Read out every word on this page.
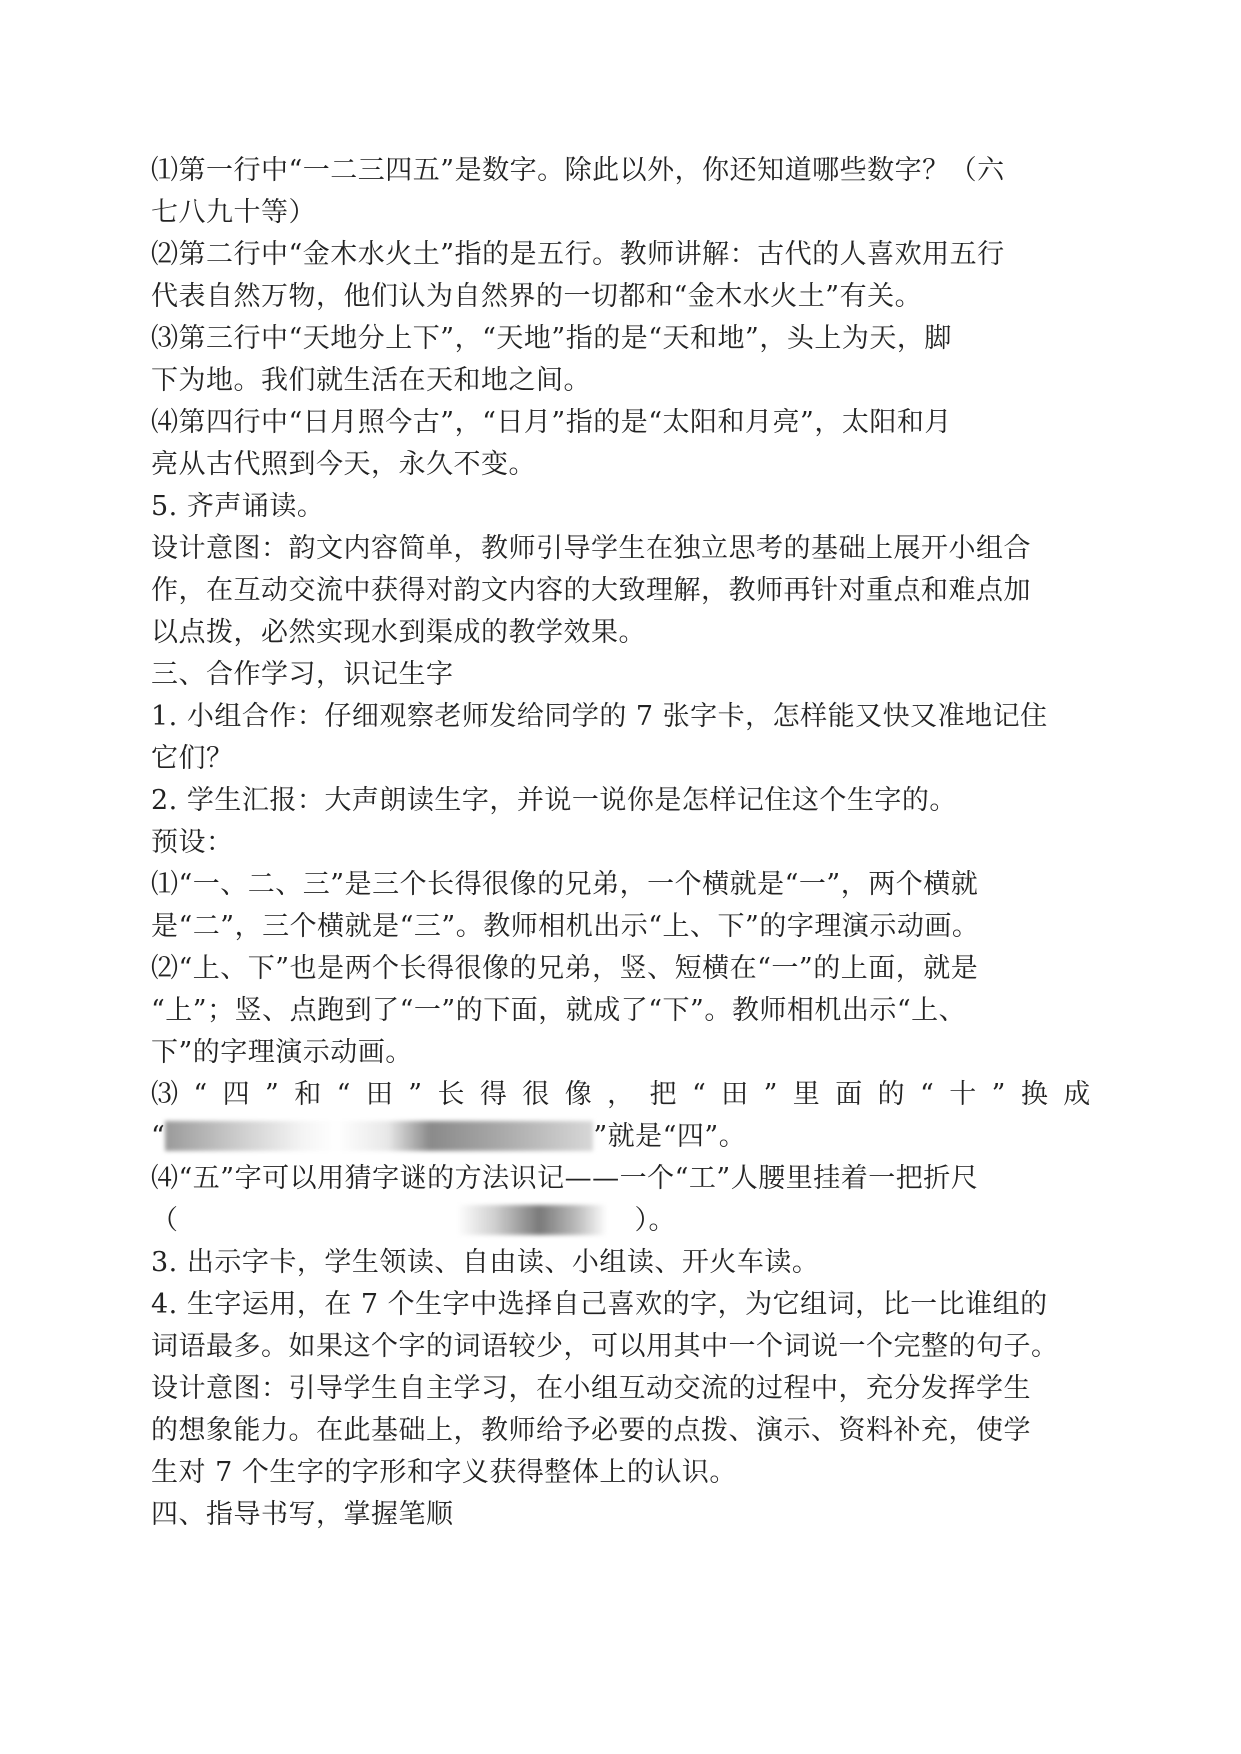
⑴第一行中“一二三四五”是数字。除此以外，你还知道哪些数字？（六
七八九十等）
⑵第二行中“金木水火土”指的是五行。教师讲解：古代的人喜欢用五行
代表自然万物，他们认为自然界的一切都和“金木水火土”有关。
⑶第三行中“天地分上下”，“天地”指的是“天和地”，头上为天，脚
下为地。我们就生活在天和地之间。
⑷第四行中“日月照今古”，“日月”指的是“太阳和月亮”，太阳和月
亮从古代照到今天，永久不变。
5. 齐声诵读。
设计意图：韵文内容简单，教师引导学生在独立思考的基础上展开小组合
作，在互动交流中获得对韵文内容的大致理解，教师再针对重点和难点加
以点拨，必然实现水到渠成的教学效果。
三、合作学习，识记生字
1. 小组合作：仔细观察老师发给同学的 7 张字卡，怎样能又快又准地记住
它们？
2. 学生汇报：大声朗读生字，并说一说你是怎样记住这个生字的。
预设：
⑴“一、二、三”是三个长得很像的兄弟，一个横就是“一”，两个横就
是“二”，三个横就是“三”。教师相机出示“上、下”的字理演示动画。
⑵“上、下”也是两个长得很像的兄弟，竖、短横在“一”的上面，就是
“上”；竖、点跑到了“一”的下面，就成了“下”。教师相机出示“上、
下”的字理演示动画。
⑶ “ 四 ” 和 “ 田 ” 长 得 很 像 ， 把 “ 田 ” 里 面 的 “ 十 ” 换 成
“	”就是“四”。
⑷“五”字可以用猜字谜的方法识记——一个“工”人腰里挂着一把折尺
（	）。
3. 出示字卡，学生领读、自由读、小组读、开火车读。
4. 生字运用，在 7 个生字中选择自己喜欢的字，为它组词，比一比谁组的
词语最多。如果这个字的词语较少，可以用其中一个词说一个完整的句子。
设计意图：引导学生自主学习，在小组互动交流的过程中，充分发挥学生
的想象能力。在此基础上，教师给予必要的点拨、演示、资料补充，使学
生对 7 个生字的字形和字义获得整体上的认识。
四、指导书写，掌握笔顺
